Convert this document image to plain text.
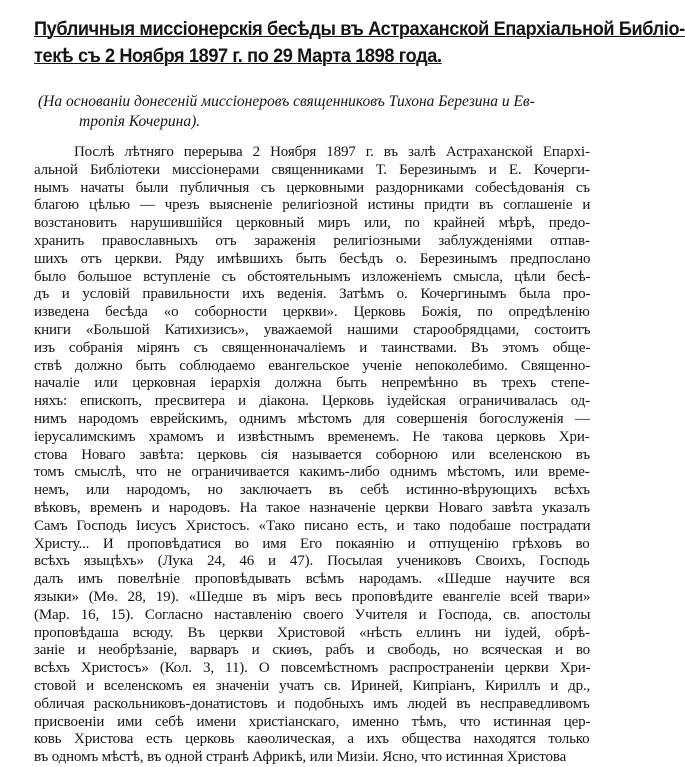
Публичныя миссіонерскія бесѣды въ Астраханской Епархіальной Библіо-
текѣ съ 2 Ноября 1897 г. по 29 Марта 1898 года.
(На основаніи донесеній миссіонеровъ священниковъ Тихона Березина и Ев-
тропія Кочерина).
Послѣ лѣтняго перерыва 2 Ноября 1897 г. въ залѣ Астраханской Епархі-
альной Библіотеки миссіонерами священниками Т. Березинымъ и Е. Кочерги-
нымъ начаты были публичныя съ церковными раздорниками собесѣдованія съ
благою цѣлью — чрезъ выясненіе религіозной истины придти въ соглашеніе и
возстановить нарушившійся церковный миръ или, по крайней мѣрѣ, предо-
хранить православныхъ отъ зараженія религіозными заблужденіями отпав-
шихъ отъ церкви. Ряду имѣвшихъ быть бесѣдъ о. Березинымъ предпослано
было большое вступленіе съ обстоятельнымъ изложеніемъ смысла, цѣли бесѣ-
дъ и условій правильности ихъ веденія. Затѣмъ о. Кочергинымъ была про-
изведена бесѣда «о соборности церкви». Церковь Божія, по опредѣленію
книги «Большой Катихизисъ», уважаемой нашими старообрядцами, состоитъ
изъ собранія мірянъ съ священноначаліемъ и таинствами. Въ этомъ обще-
ствѣ должно быть соблюдаемо евангельское ученіе непоколебимо. Священно-
началіе или церковная іерархія должна быть непремѣнно въ трехъ степе-
няхъ: епископъ, пресвитера и діакона. Церковь іудейская ограничивалась од-
нимъ народомъ еврейскимъ, однимъ мѣстомъ для совершенія богослуженія —
іерусалимскимъ храмомъ и извѣстнымъ временемъ. Не такова церковь Хри-
стова Новаго завѣта: церковь сія называется соборною или вселенскою въ
томъ смыслѣ, что не ограничивается какимъ-либо однимъ мѣстомъ, или време-
немъ, или народомъ, но заключаетъ въ себѣ истинно-вѣрующихъ всѣхъ
вѣковъ, временъ и народовъ. На такое назначеніе церкви Новаго завѣта указалъ
Самъ Господь Іисусъ Христосъ. «Тако писано есть, и тако подобаше пострадати
Христу... И проповѣдатися во имя Его покаянію и отпущенію грѣховъ во
всѣхъ языцѣхъ» (Лука 24, 46 и 47). Посылая учениковъ Своихъ, Господь
далъ имъ повелѣніе проповѣдывать всѣмъ народамъ. «Шедше научите вся
языки» (Мѳ. 28, 19). «Шедше въ міръ весь проповѣдите евангеліе всей твари»
(Мар. 16, 15). Согласно наставленію своего Учителя и Господа, св. апостолы
проповѣдаша всюду. Въ церкви Христовой «нѣсть еллинъ ни іудей, обрѣ-
заніе и необрѣзаніе, варваръ и скиѳъ, рабъ и свободь, но всяческая и во
всѣхъ Христосъ» (Кол. 3, 11). О повсемѣстномъ распространеніи церкви Хри-
стовой и вселенскомъ ея значеніи учатъ св. Ириней, Кипріанъ, Кириллъ и др.,
обличая раскольниковъ-донатистовъ и подобныхъ имъ людей въ несправедливомъ
присвоеніи ими себѣ имени христіанскаго, именно тѣмъ, что истинная цер-
ковь Христова есть церковь каѳолическая, а ихъ общества находятся только
въ одномъ мѣстѣ, въ одной странѣ Африкѣ, или Мизіи. Ясно, что истинная Христова
